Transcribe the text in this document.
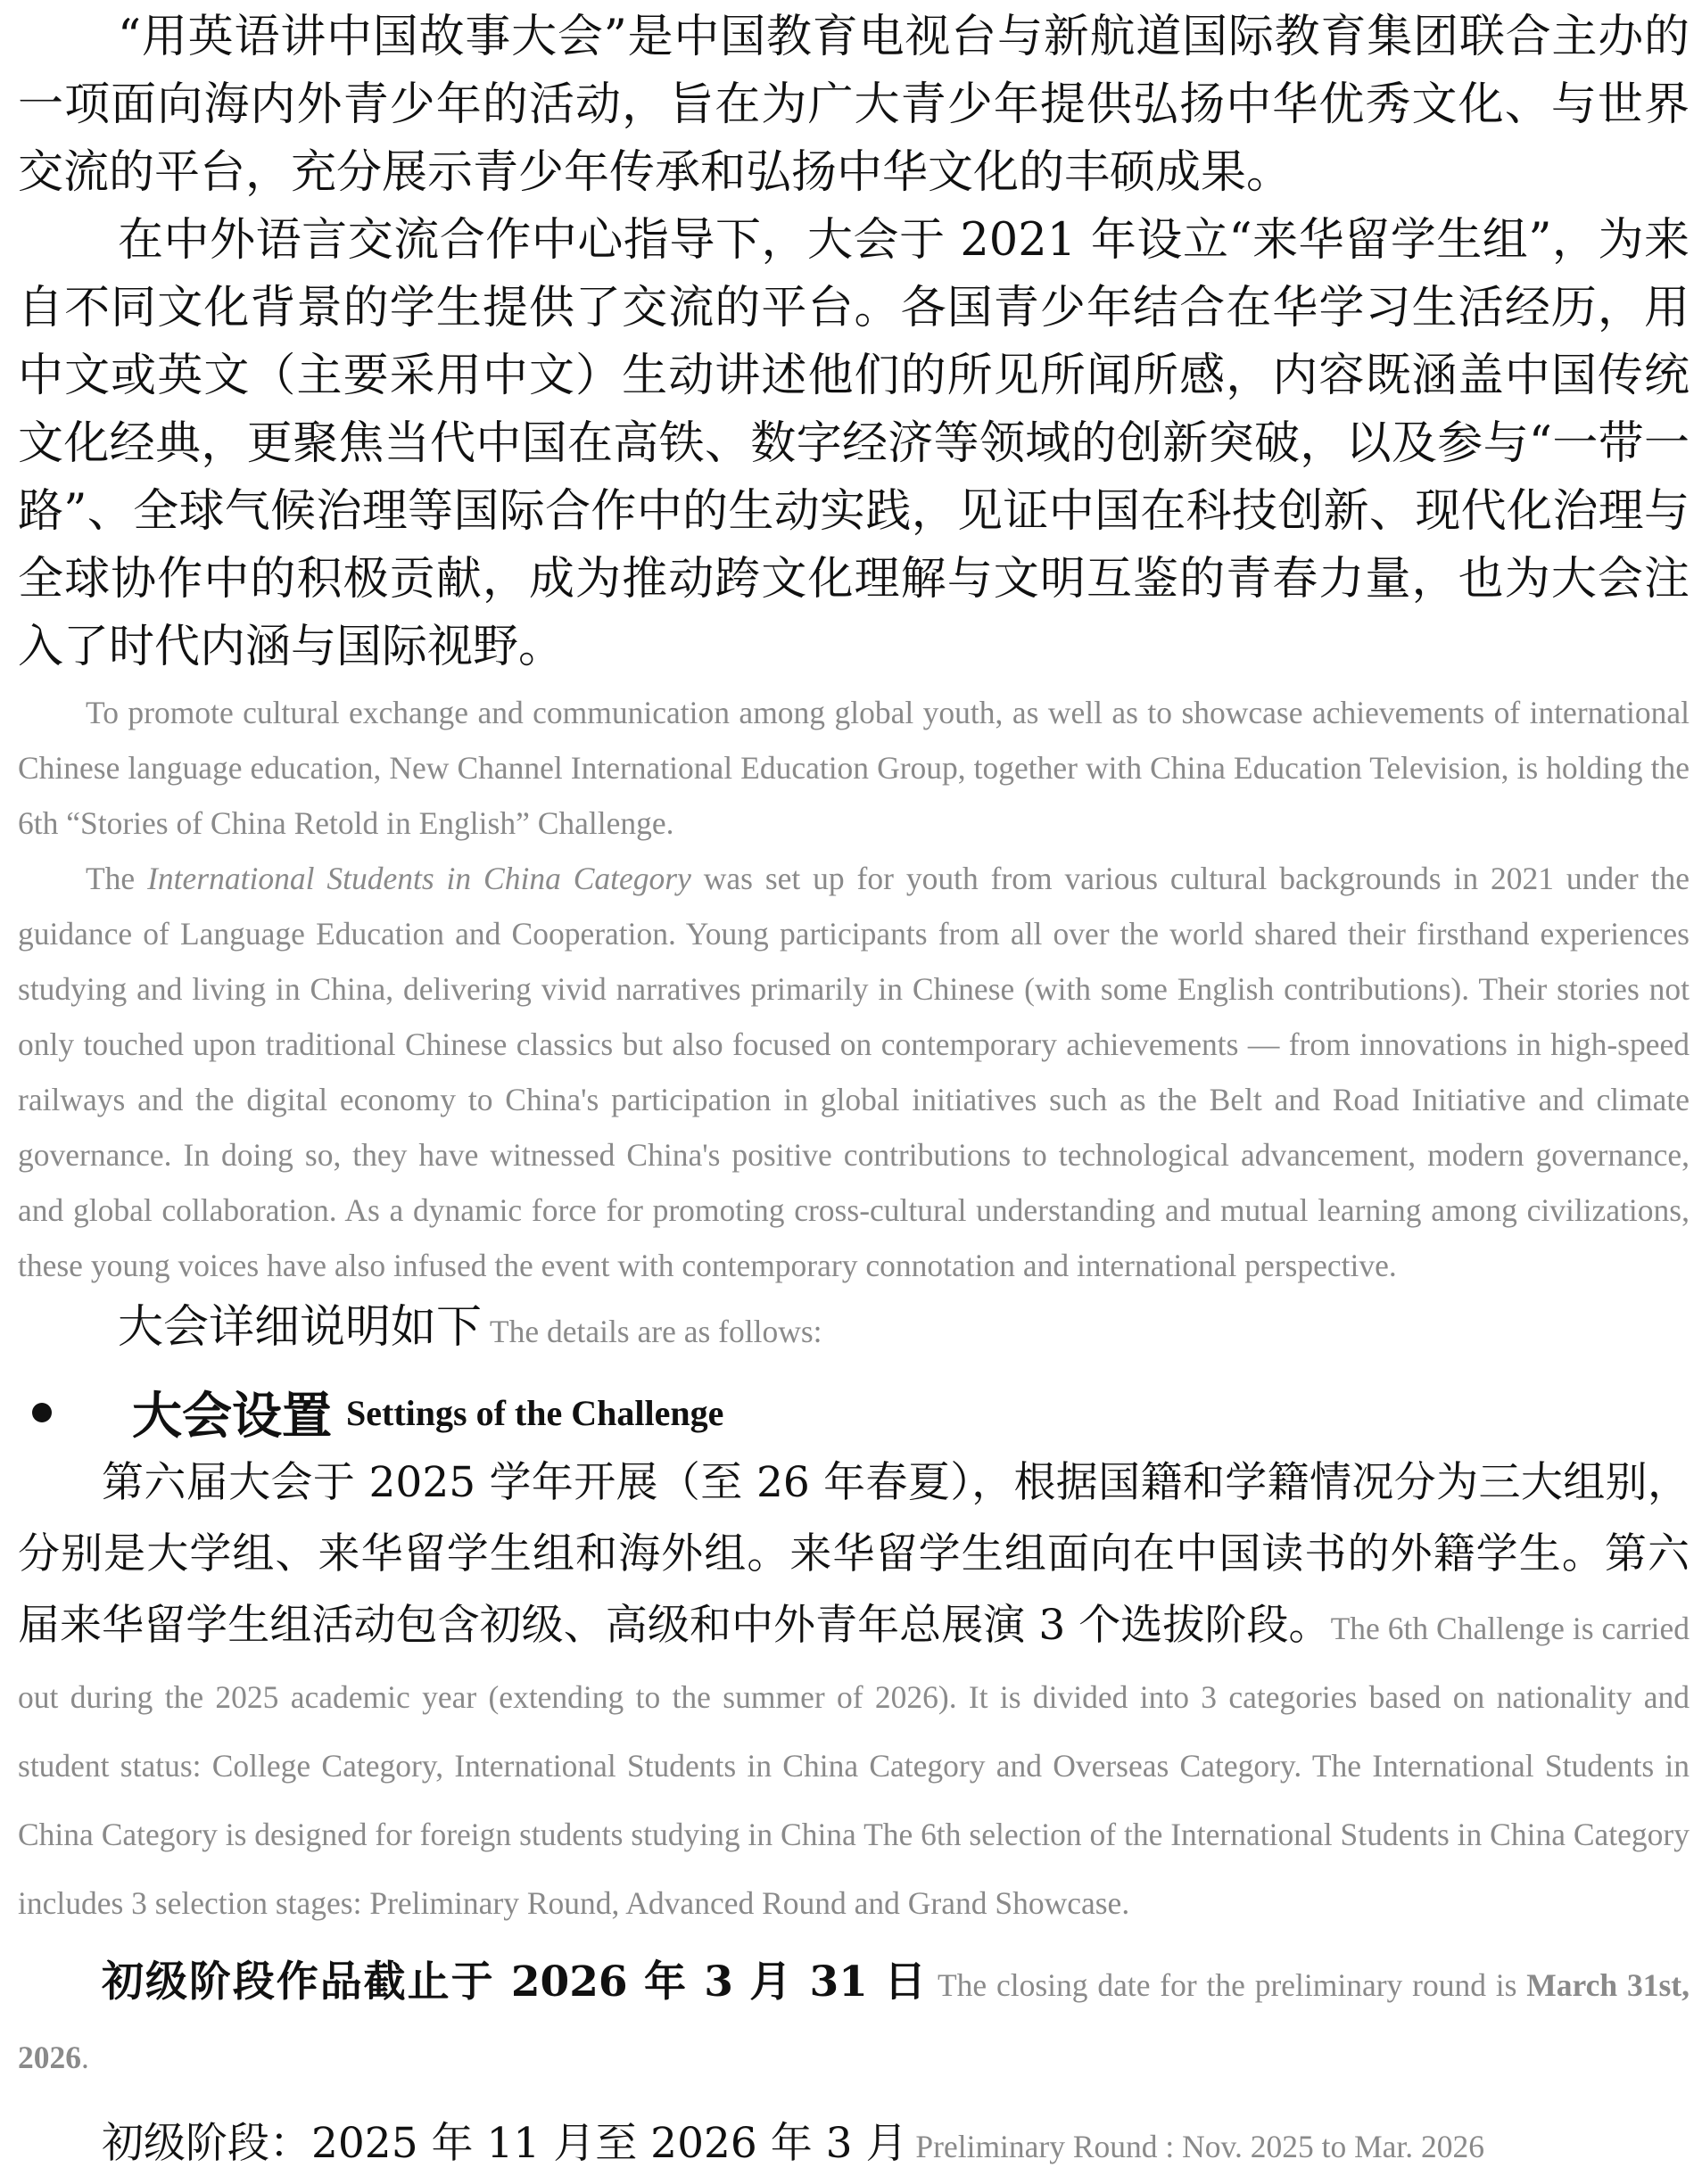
“用英语讲中国故事大会”是中国教育电视台与新航道国际教育集团联合主办的一项面向海内外青少年的活动，旨在为广大青少年提供弘扬中华优秀文化、与世界交流的平台，充分展示青少年传承和弘扬中华文化的丰硕成果。

在中外语言交流合作中心指导下，大会于 2021 年设立“来华留学生组”，为来自不同文化背景的学生提供了交流的平台。各国青少年结合在华学习生活经历，用中文或英文（主要采用中文）生动讲述他们的所见所闻所感，内容既涵盖中国传统文化经典，更聚焦当代中国在高铁、数字经济等领域的创新突破，以及参与“一带一路”、全球气候治理等国际合作中的生动实践，见证中国在科技创新、现代化治理与全球协作中的积极贡献，成为推动跨文化理解与文明互鉴的青春力量，也为大会注入了时代内涵与国际视野。

To promote cultural exchange and communication among global youth, as well as to showcase achievements of international Chinese language education, New Channel International Education Group, together with China Education Television, is holding the 6th “Stories of China Retold in English” Challenge.

The International Students in China Category was set up for youth from various cultural backgrounds in 2021 under the guidance of Language Education and Cooperation. Young participants from all over the world shared their firsthand experiences studying and living in China, delivering vivid narratives primarily in Chinese (with some English contributions). Their stories not only touched upon traditional Chinese classics but also focused on contemporary achievements — from innovations in high-speed railways and the digital economy to China's participation in global initiatives such as the Belt and Road Initiative and climate governance. In doing so, they have witnessed China's positive contributions to technological advancement, modern governance, and global collaboration. As a dynamic force for promoting cross-cultural understanding and mutual learning among civilizations, these young voices have also infused the event with contemporary connotation and international perspective.

大会详细说明如下 The details are as follows:

大会设置 Settings of the Challenge

第六届大会于 2025 学年开展（至 26 年春夏），根据国籍和学籍情况分为三大组别，分别是大学组、来华留学生组和海外组。来华留学生组面向在中国读书的外籍学生。第六届来华留学生组活动包含初级、高级和中外青年总展演 3 个选拔阶段。The 6th Challenge is carried out during the 2025 academic year (extending to the summer of 2026). It is divided into 3 categories based on nationality and student status: College Category, International Students in China Category and Overseas Category. The International Students in China Category is designed for foreign students studying in China The 6th selection of the International Students in China Category includes 3 selection stages: Preliminary Round, Advanced Round and Grand Showcase.

初级阶段作品截止于 2026 年 3 月 31 日 The closing date for the preliminary round is March 31st, 2026.

初级阶段：2025 年 11 月至 2026 年 3 月 Preliminary Round : Nov. 2025 to Mar. 2026
